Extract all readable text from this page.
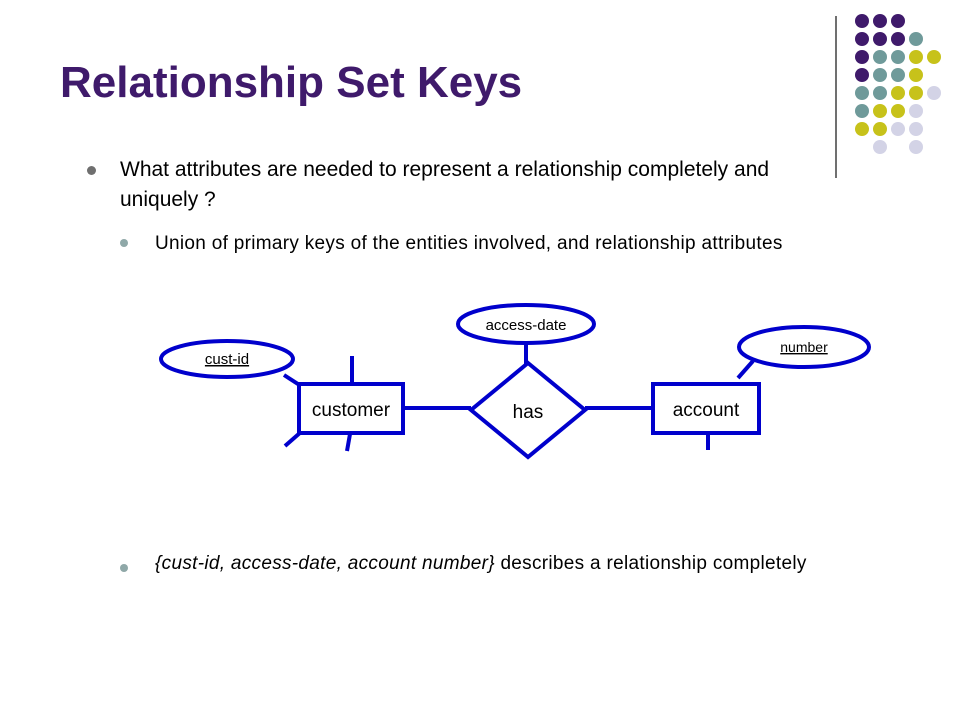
Relationship Set Keys
What attributes are needed to represent a relationship completely and uniquely ?
Union of primary keys of the entities involved, and relationship attributes
cust-id
access-date
number
customer	account
has
{cust-id, access-date, account number} describes a relationship completely
